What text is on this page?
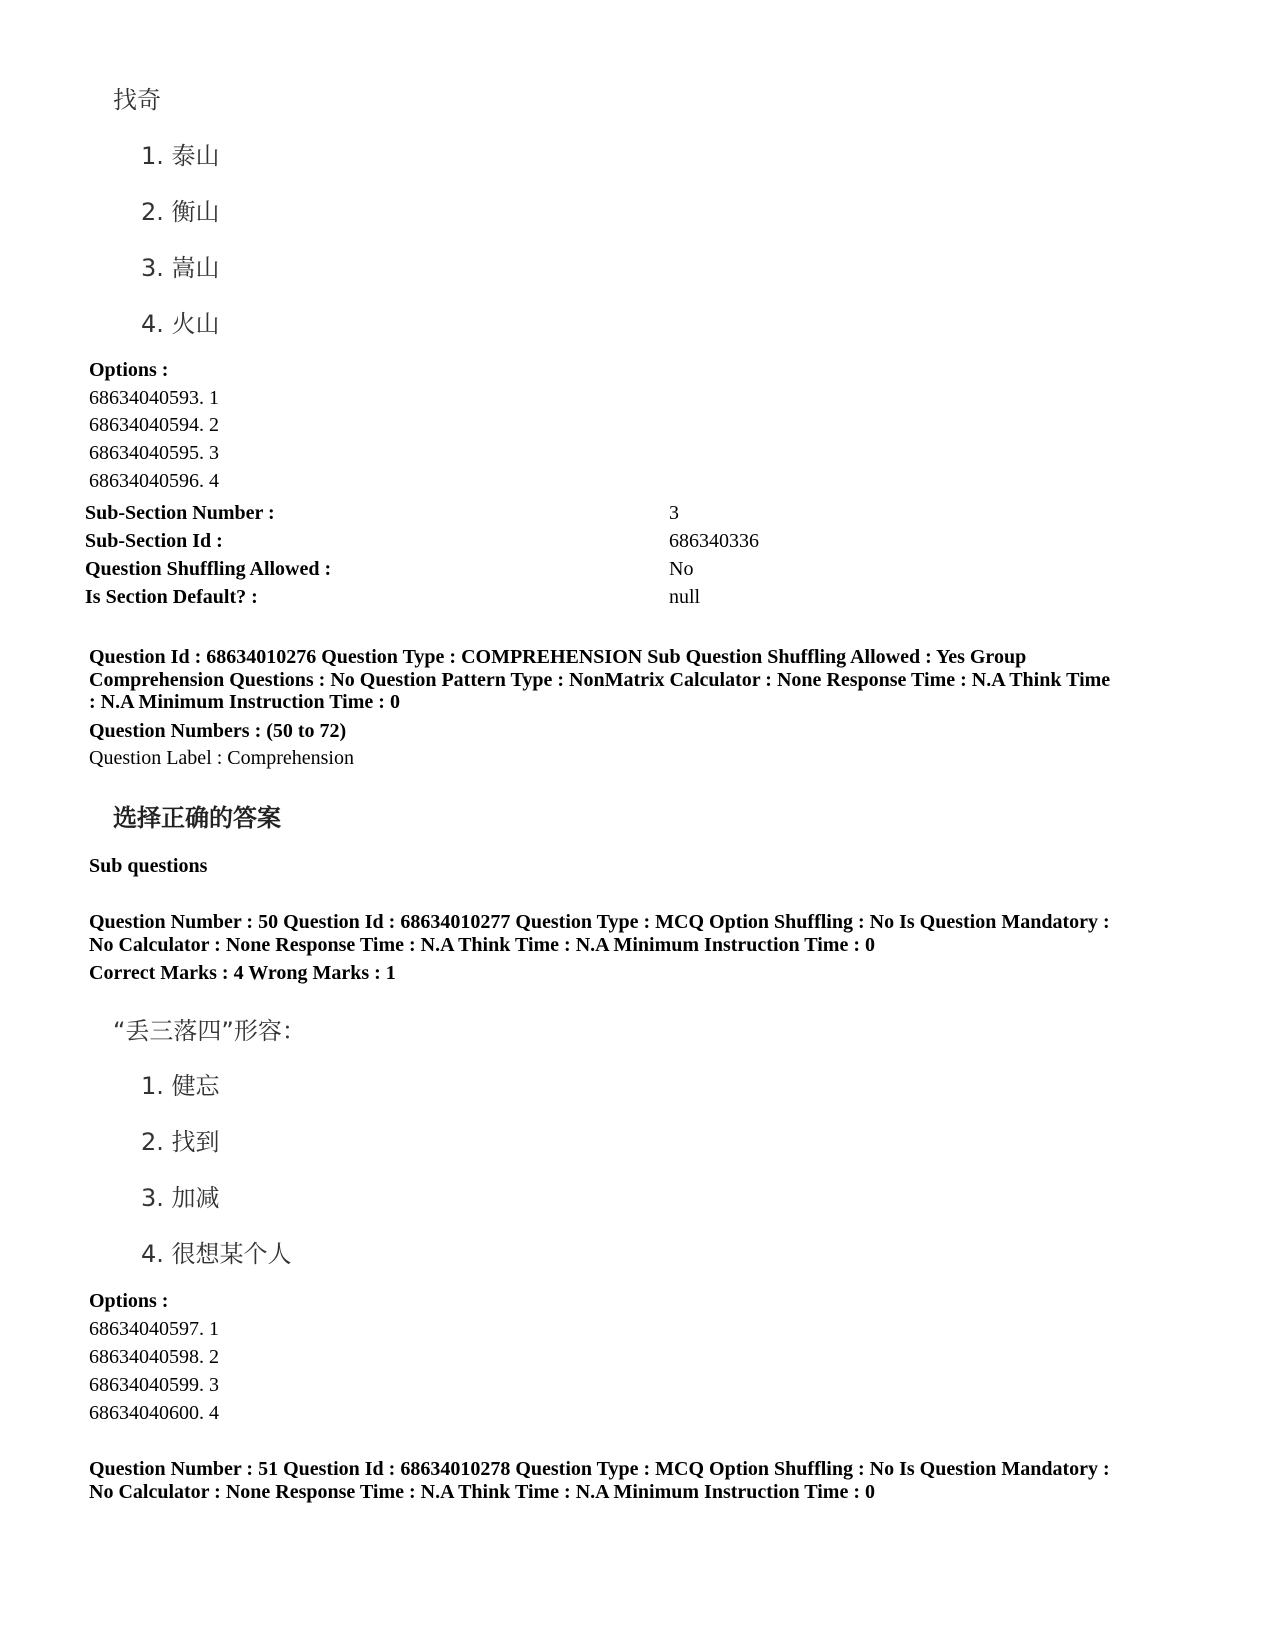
找奇
1. 泰山
2. 衡山
3. 嵩山
4. 火山
Options :
68634040593. 1
68634040594. 2
68634040595. 3
68634040596. 4
Sub-Section Number :	3
Sub-Section Id :	686340336
Question Shuffling Allowed :	No
Is Section Default? :	null
Question Id : 68634010276 Question Type : COMPREHENSION Sub Question Shuffling Allowed : Yes Group
Comprehension Questions : No Question Pattern Type : NonMatrix Calculator : None Response Time : N.A Think Time
: N.A Minimum Instruction Time : 0
Question Numbers : (50 to 72)
Question Label : Comprehension
选择正确的答案
Sub questions
Question Number : 50 Question Id : 68634010277 Question Type : MCQ Option Shuffling : No Is Question Mandatory :
No Calculator : None Response Time : N.A Think Time : N.A Minimum Instruction Time : 0
Correct Marks : 4 Wrong Marks : 1
“丢三落四”形容：
1. 健忘
2. 找到
3. 加减
4. 很想某个人
Options :
68634040597. 1
68634040598. 2
68634040599. 3
68634040600. 4
Question Number : 51 Question Id : 68634010278 Question Type : MCQ Option Shuffling : No Is Question Mandatory :
No Calculator : None Response Time : N.A Think Time : N.A Minimum Instruction Time : 0
